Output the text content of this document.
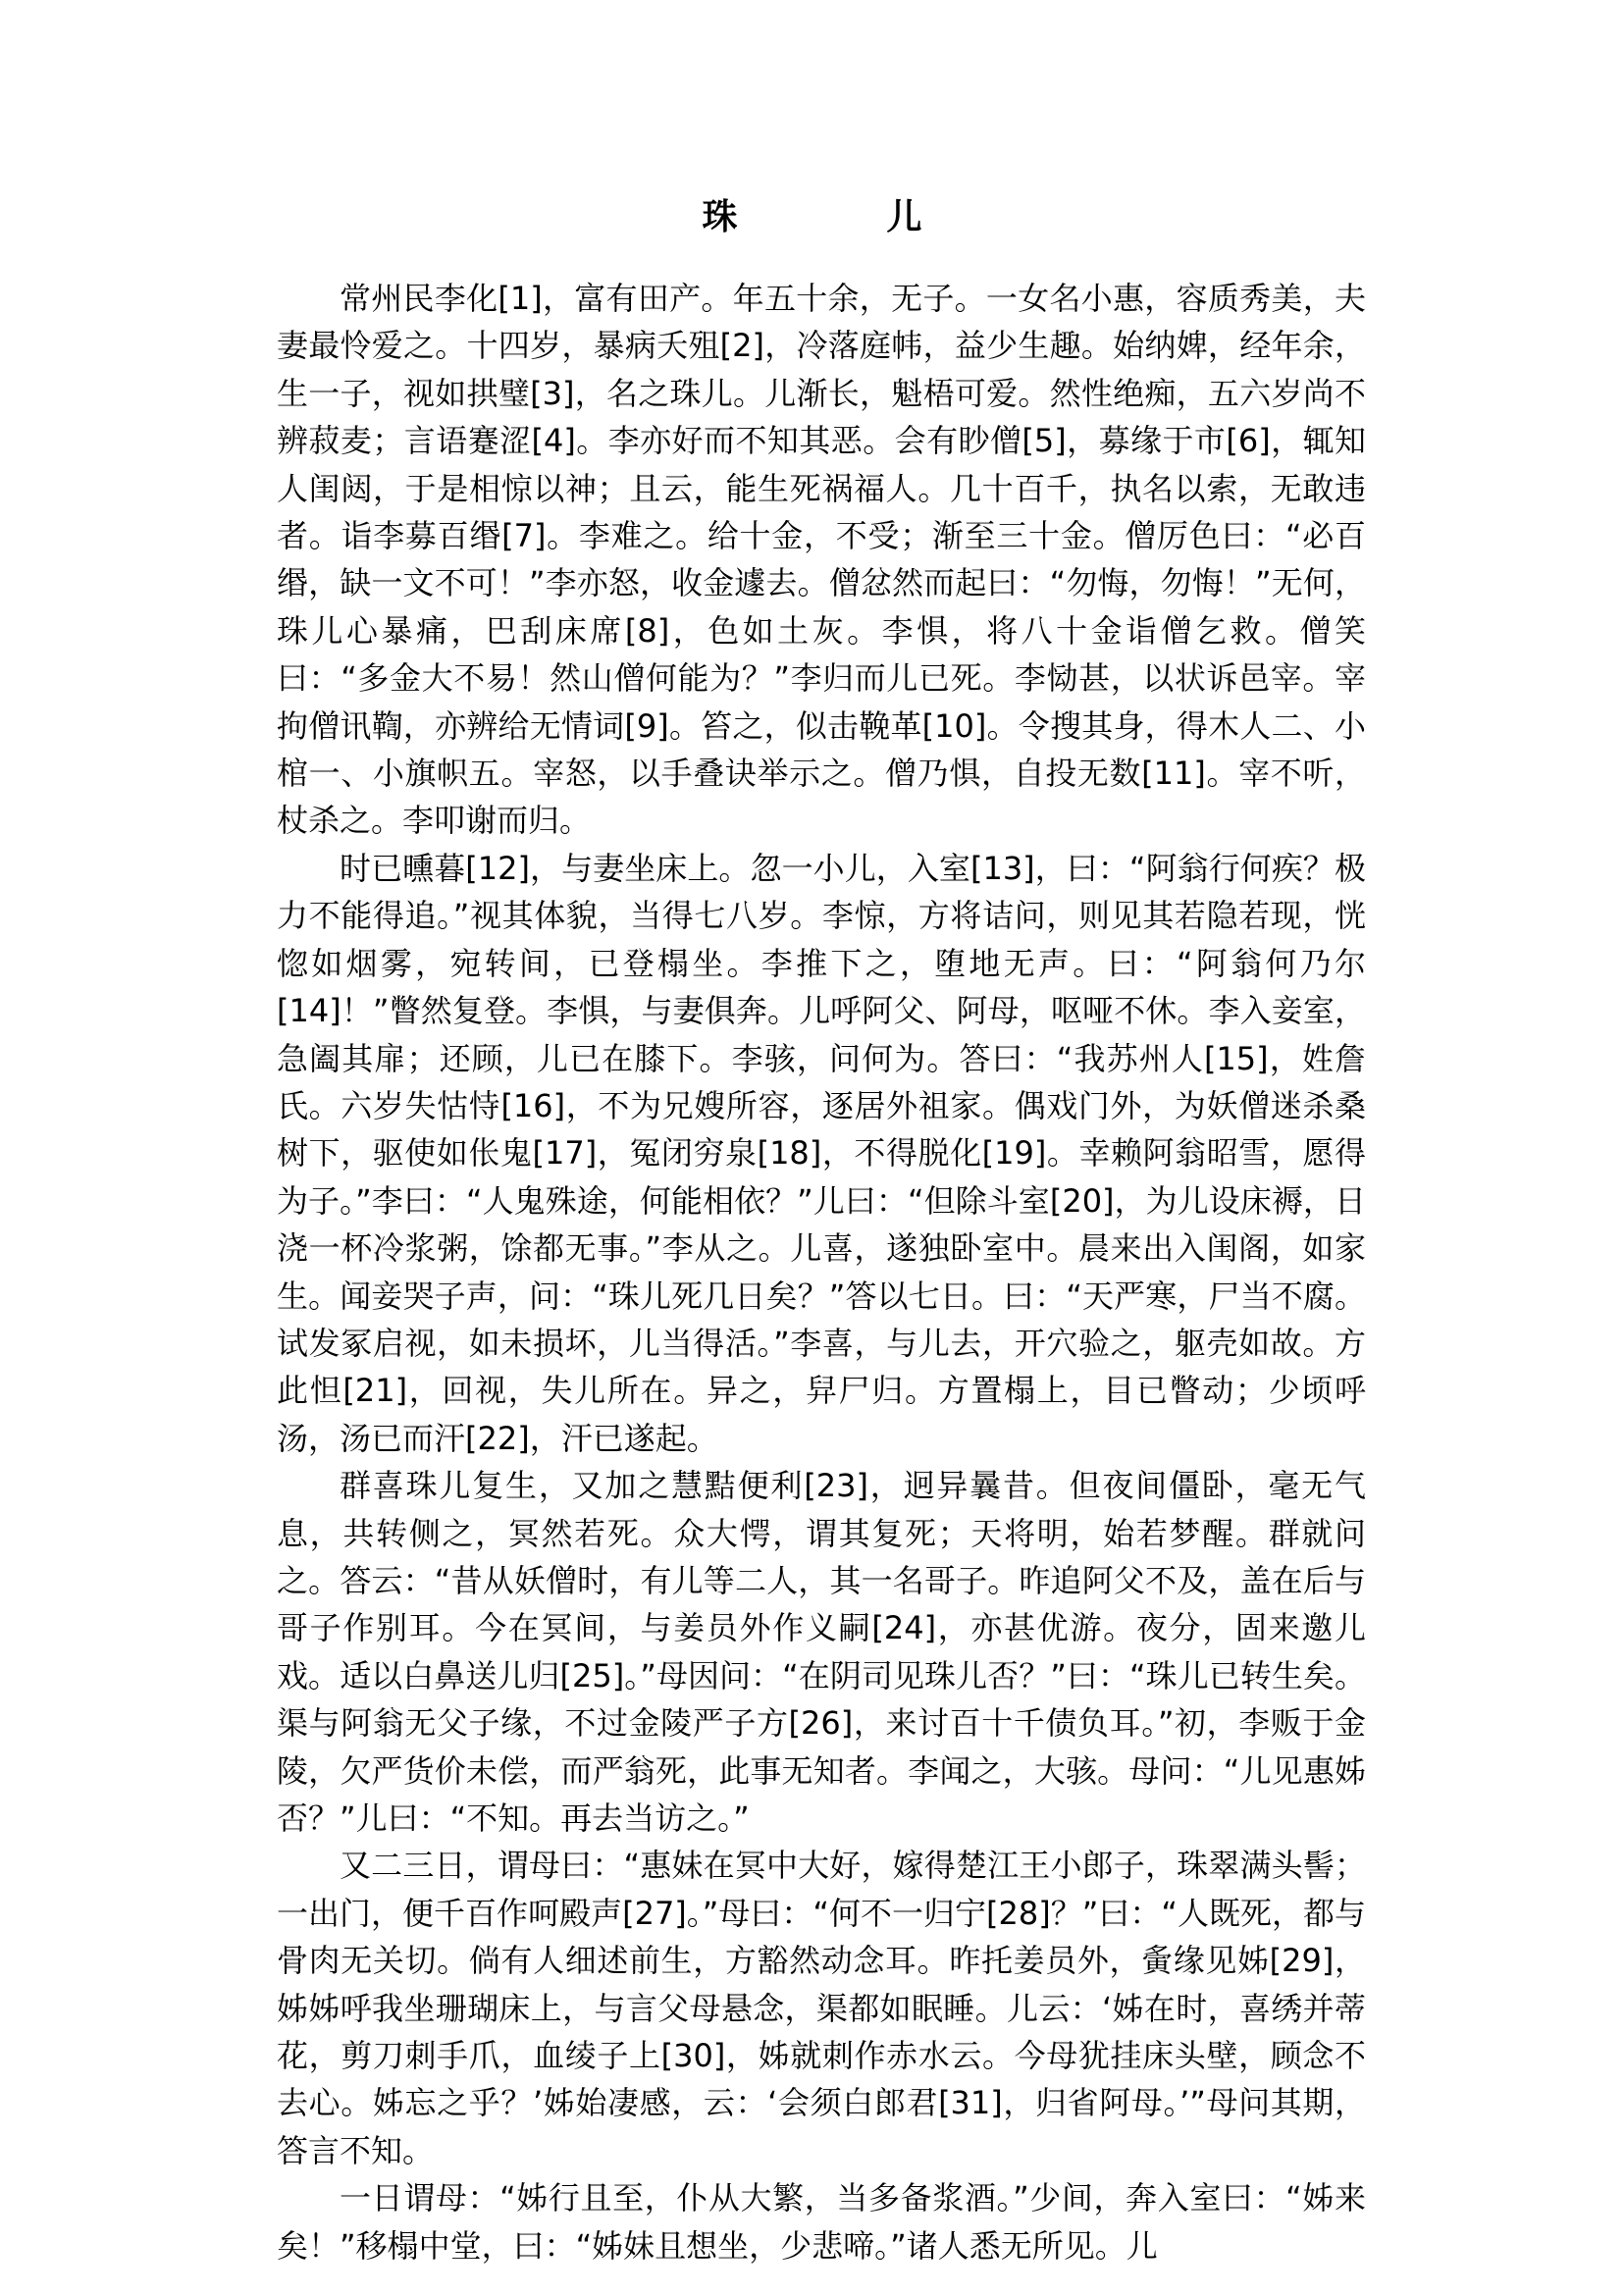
珠　儿

常州民李化[1]，富有田产。年五十余，无子。一女名小惠，容质秀美，夫妻最怜爱之。十四岁，暴病夭殂[2]，冷落庭帏，益少生趣。始纳婢，经年余，生一子，视如拱璧[3]，名之珠儿。儿渐长，魁梧可爱。然性绝痴，五六岁尚不辨菽麦；言语蹇涩[4]。李亦好而不知其恶。会有眇僧[5]，募缘于市[6]，辄知人闺闼，于是相惊以神；且云，能生死祸福人。几十百千，执名以索，无敢违者。诣李募百缗[7]。李难之。给十金，不受；渐至三十金。僧厉色曰：“必百缗，缺一文不可！”李亦怒，收金遽去。僧忿然而起曰：“勿悔，勿悔！”无何，珠儿心暴痛，巴刮床席[8]，色如土灰。李惧，将八十金诣僧乞救。僧笑曰：“多金大不易！然山僧何能为？”李归而儿已死。李恸甚，以状诉邑宰。宰拘僧讯鞫，亦辨给无情词[9]。笞之，似击鞔革[10]。令搜其身，得木人二、小棺一、小旗帜五。宰怒，以手叠诀举示之。僧乃惧，自投无数[11]。宰不听，杖杀之。李叩谢而归。

时已曛暮[12]，与妻坐床上。忽一小儿，入室[13]，曰：“阿翁行何疾？极力不能得追。”视其体貌，当得七八岁。李惊，方将诘问，则见其若隐若现，恍惚如烟雾，宛转间，已登榻坐。李推下之，堕地无声。曰：“阿翁何乃尔[14]！”瞥然复登。李惧，与妻俱奔。儿呼阿父、阿母，呕哑不休。李入妾室，急阖其扉；还顾，儿已在膝下。李骇，问何为。答曰：“我苏州人[15]，姓詹氏。六岁失怙恃[16]，不为兄嫂所容，逐居外祖家。偶戏门外，为妖僧迷杀桑树下，驱使如伥鬼[17]，冤闭穷泉[18]，不得脱化[19]。幸赖阿翁昭雪，愿得为子。”李曰：“人鬼殊途，何能相依？”儿曰：“但除斗室[20]，为儿设床褥，日浇一杯冷浆粥，馀都无事。”李从之。儿喜，遂独卧室中。晨来出入闺阁，如家生。闻妾哭子声，问：“珠儿死几日矣？”答以七日。曰：“天严寒，尸当不腐。试发冢启视，如未损坏，儿当得活。”李喜，与儿去，开穴验之，躯壳如故。方此怛[21]，回视，失儿所在。异之，舁尸归。方置榻上，目已瞥动；少顷呼汤，汤已而汗[22]，汗已遂起。

群喜珠儿复生，又加之慧黠便利[23]，迥异曩昔。但夜间僵卧，毫无气息，共转侧之，冥然若死。众大愕，谓其复死；天将明，始若梦醒。群就问之。答云：“昔从妖僧时，有儿等二人，其一名哥子。昨追阿父不及，盖在后与哥子作别耳。今在冥间，与姜员外作义嗣[24]，亦甚优游。夜分，固来邀儿戏。适以白鼻送儿归[25]。”母因问：“在阴司见珠儿否？”曰：“珠儿已转生矣。渠与阿翁无父子缘，不过金陵严子方[26]，来讨百十千债负耳。”初，李贩于金陵，欠严货价未偿，而严翁死，此事无知者。李闻之，大骇。母问：“儿见惠姊否？”儿曰：“不知。再去当访之。”

又二三日，谓母曰：“惠妹在冥中大好，嫁得楚江王小郎子，珠翠满头髻；一出门，便千百作呵殿声[27]。”母曰：“何不一归宁[28]？”曰：“人既死，都与骨肉无关切。倘有人细述前生，方豁然动念耳。昨托姜员外，夤缘见姊[29]，姊姊呼我坐珊瑚床上，与言父母悬念，渠都如眠睡。儿云：‘姊在时，喜绣并蒂花，剪刀刺手爪，血绫子上[30]，姊就刺作赤水云。今母犹挂床头壁，顾念不去心。姊忘之乎？’姊始凄感，云：‘会须白郎君[31]，归省阿母。’”母问其期，答言不知。

一日谓母：“姊行且至，仆从大繁，当多备浆酒。”少间，奔入室曰：“姊来矣！”移榻中堂，曰：“姊妹且想坐，少悲啼。”诸人悉无所见。儿
